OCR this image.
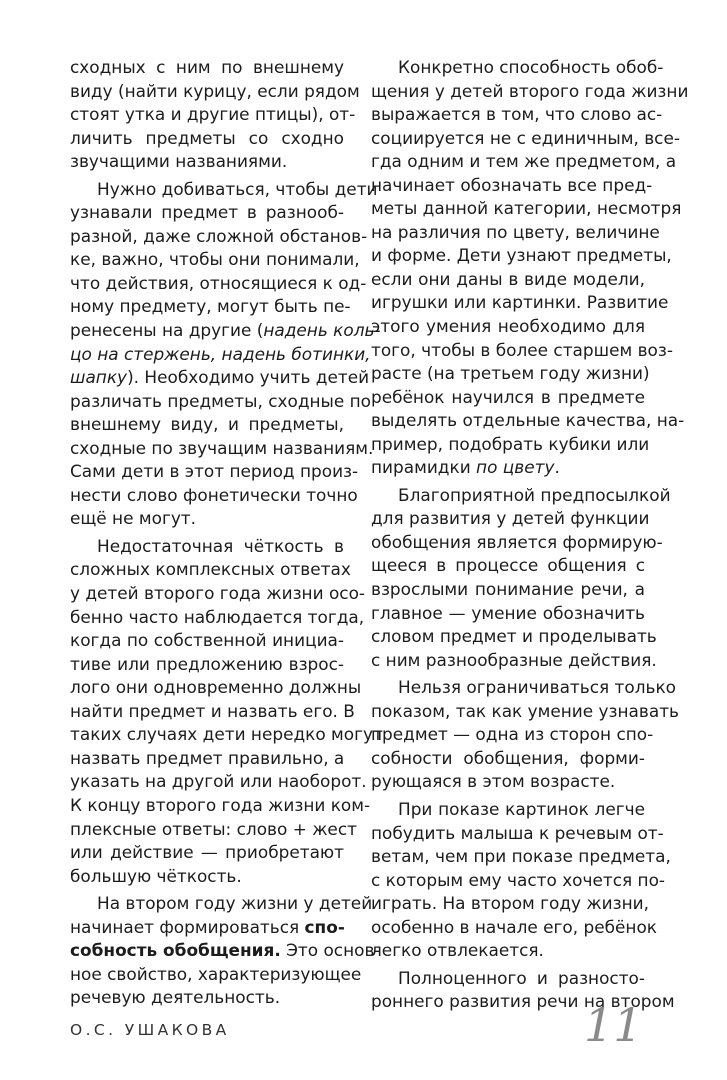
сходных с ним по внешнему
виду (найти курицу, если рядом
стоят утка и другие птицы), от-
личить предметы со сходно
звучащими названиями.
Нужно добиваться, чтобы дети
узнавали предмет в разнооб-
разной, даже сложной обстанов-
ке, важно, чтобы они понимали,
что действия, относящиеся к од-
ному предмету, могут быть пе-
ренесены на другие (надень коль-
цо на стержень, надень ботинки,
шапку). Необходимо учить детей
различать предметы, сходные по
внешнему виду, и предметы,
сходные по звучащим названиям.
Сами дети в этот период произ-
нести слово фонетически точно
ещё не могут.
Недостаточная чёткость в
сложных комплексных ответах
у детей второго года жизни осо-
бенно часто наблюдается тогда,
когда по собственной инициа-
тиве или предложению взрос-
лого они одновременно должны
найти предмет и назвать его. В
таких случаях дети нередко могут
назвать предмет правильно, а
указать на другой или наоборот.
К концу второго года жизни ком-
плексные ответы: слово + жест
или действие — приобретают
большую чёткость.
На втором году жизни у детей
начинает формироваться спо-
собность обобщения. Это основ-
ное свойство, характеризующее
речевую деятельность.
Конкретно способность обоб-
щения у детей второго года жизни
выражается в том, что слово ас-
социируется не с единичным, все-
гда одним и тем же предметом, а
начинает обозначать все пред-
меты данной категории, несмотря
на различия по цвету, величине
и форме. Дети узнают предметы,
если они даны в виде модели,
игрушки или картинки. Развитие
этого умения необходимо для
того, чтобы в более старшем воз-
расте (на третьем году жизни)
ребёнок научился в предмете
выделять отдельные качества, на-
пример, подобрать кубики или
пирамидки по цвету.
Благоприятной предпосылкой
для развития у детей функции
обобщения является формирую-
щееся в процессе общения с
взрослыми понимание речи, а
главное — умение обозначить
словом предмет и проделывать
с ним разнообразные действия.
Нельзя ограничиваться только
показом, так как умение узнавать
предмет — одна из сторон спо-
собности обобщения, форми-
рующаяся в этом возрасте.
При показе картинок легче
побудить малыша к речевым от-
ветам, чем при показе предмета,
с которым ему часто хочется по-
играть. На втором году жизни,
особенно в начале его, ребёнок
легко отвлекается.
Полноценного и разносто-
роннего развития речи на втором
О.С. УШАКОВА	11
